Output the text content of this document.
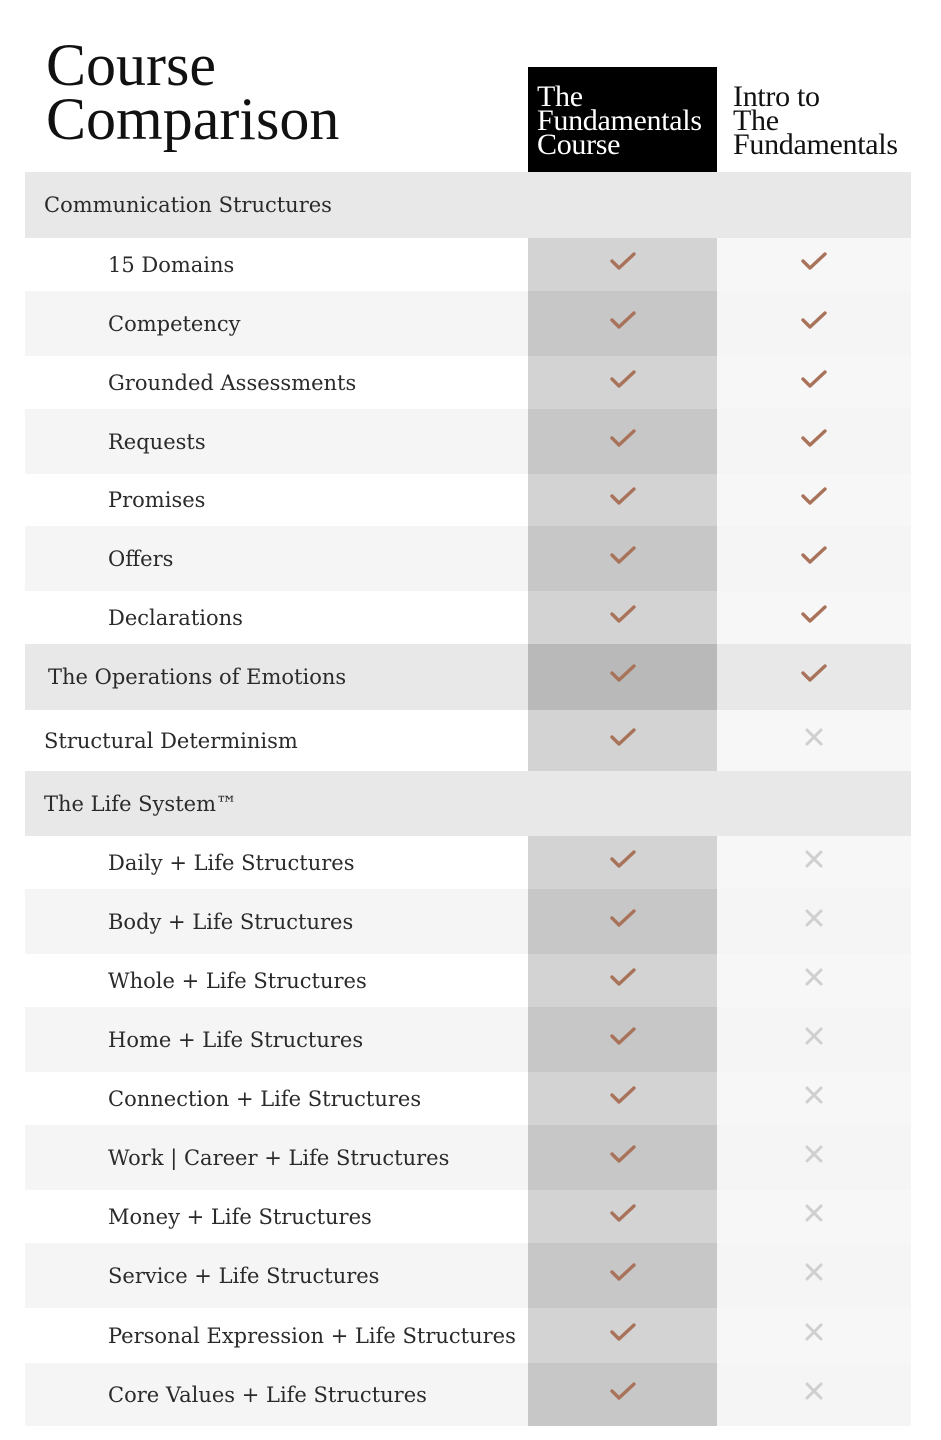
Course
Comparison	The
Fundamentals
Course
Intro to
The
Fundamentals
Communication Structures
15 Domains
Competency
Grounded Assessments
Requests
Promises
Offers
Declarations
The Operations of Emotions
Structural Determinism
The Life System™
Daily + Life Structures
Body + Life Structures
Whole + Life Structures
Home + Life Structures
Connection + Life Structures
Work | Career + Life Structures
Money + Life Structures
Service + Life Structures
Personal Expression + Life Structures
Core Values + Life Structures
